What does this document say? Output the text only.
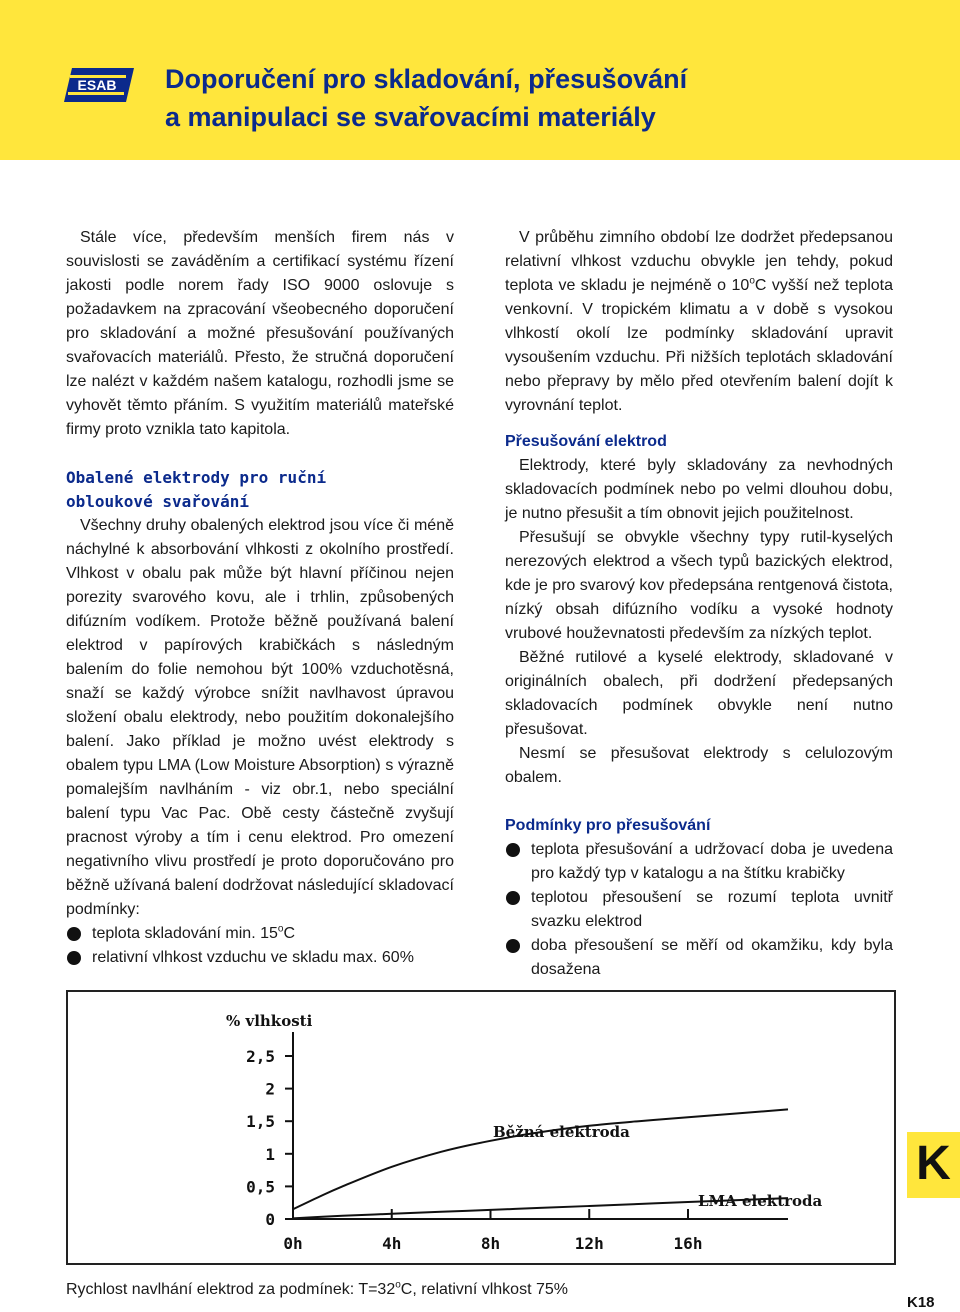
ESAB Doporučení pro skladování, přesušování
a manipulaci se svařovacími materiály

Stále více, především menších firem nás v souvislosti se zaváděním a certifikací systému řízení jakosti podle norem řady ISO 9000 oslovuje s požadavkem na zpracování všeobecného doporučení pro skladování a možné přesušování používaných svařovacích materiálů. Přesto, že stručná doporučení lze nalézt v každém našem katalogu, rozhodli jsme se vyhovět těmto přáním. S využitím materiálů mateřské firmy proto vznikla tato kapitola.

Obalené elektrody pro ruční
obloukové svařování

Všechny druhy obalených elektrod jsou více či méně náchylné k absorbování vlhkosti z okolního prostředí. Vlhkost v obalu pak může být hlavní příčinou nejen porezity svarového kovu, ale i trhlin, způsobených difúzním vodíkem. Protože běžně používaná balení elektrod v papírových krabičkách s následným balením do folie nemohou být 100% vzduchotěsná, snaží se každý výrobce snížit navlhavost úpravou složení obalu elektrody, nebo použitím dokonalejšího balení. Jako příklad je možno uvést elektrody s obalem typu LMA (Low Moisture Absorption) s výrazně pomalejším navlháním - viz obr.1, nebo speciální balení typu Vac Pac. Obě cesty částečně zvyšují pracnost výroby a tím i cenu elektrod. Pro omezení negativního vlivu prostředí je proto doporučováno pro běžně užívaná balení dodržovat následující skladovací podmínky:

teplota skladování min. 15$^o$C
relativní vlhkost vzduchu ve skladu max. 60%

V průběhu zimního období lze dodržet předepsanou relativní vlhkost vzduchu obvykle jen tehdy, pokud teplota ve skladu je nejméně o 10$^o$C vyšší než teplota venkovní. V tropickém klimatu a v době s vysokou vlhkostí okolí lze podmínky skladování upravit vysoušením vzduchu. Při nižších teplotách skladování nebo přepravy by mělo před otevřením balení dojít k vyrovnání teplot.

Přesušování elektrod

Elektrody, které byly skladovány za nevhodných skladovacích podmínek nebo po velmi dlouhou dobu, je nutno přesušit a tím obnovit jejich použitelnost.

Přesušují se obvykle všechny typy rutil-kyselých nerezových elektrod a všech typů bazických elektrod, kde je pro svarový kov předepsána rentgenová čistota, nízký obsah difúzního vodíku a vysoké hodnoty vrubové houževnatosti především za nízkých teplot.

Běžné rutilové a kyselé elektrody, skladované v originálních obalech, při dodržení předepsaných skladovacích podmínek obvykle není nutno přesušovat.

Nesmí se přesušovat elektrody s celulozovým obalem.

Podmínky pro přesušování
teplota přesušování a udržovací doba je uvedena pro každý typ v katalogu a na štítku krabičky
teplotou přesoušení se rozumí teplota uvnitř svazku elektrod
doba přesoušení se měří od okamžiku, kdy byla dosažena
0
0,5
1
1,5
2
2,5
0h	4h	8h	12h	16h
% vlhkosti
Běžná elektroda
LMA elektroda
Rychlost navlhání elektrod za podmínek: $T=32^oC$, relativní vlhkost 75%
K
K18
